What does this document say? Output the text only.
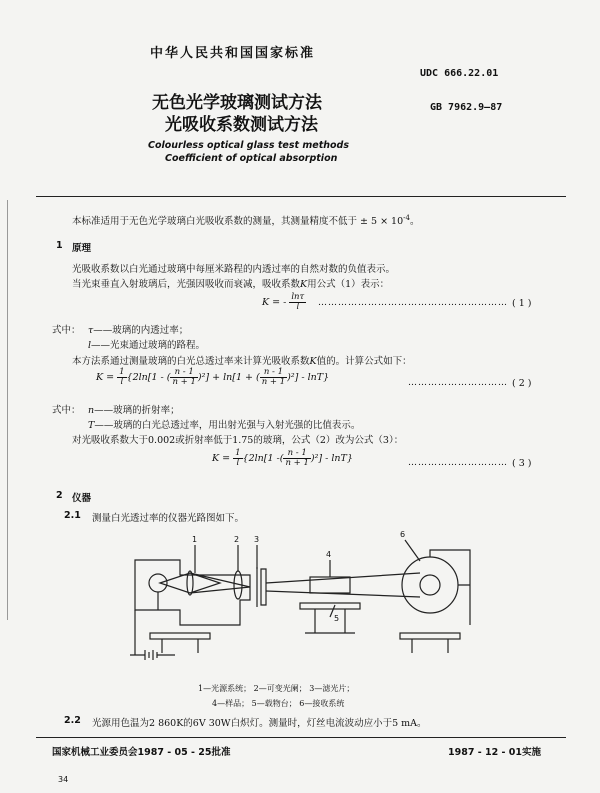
中华人民共和国国家标准
UDC 666.22.01
GB 7962.9—87
无色光学玻璃测试方法
光吸收系数测试方法
Colourless optical glass test methods
Coefficient of optical absorption
本标准适用于无色光学玻璃白光吸收系数的测量，其测量精度不低于 ± $5 \times 10^{-4}$。
1 原理
光吸收系数以白光通过玻璃中每厘米路程的内透过率的自然对数的负值表示。
当光束垂直入射玻璃后，光强因吸收而衰减，吸收系数K用公式（1）表示：
K = - $\frac{\ln\tau}{l}$ ………………………………………………… ( 1 )
式中： τ——玻璃的内透过率；
l——光束通过玻璃的路程。
本方法系通过测量玻璃的白光总透过率来计算光吸收系数K值的。计算公式如下：
$K = \frac{1}{l} \{2\ln[1$ - ( $\frac{n - 1}{n + 1} )^2] + \ln[1$ + ( $\frac{n - 1}{n + 1} )^2] - \ln T$}	………………………… ( 2 )
式中： n——玻璃的折射率；
T——玻璃的白光总透过率，用出射光强与入射光强的比值表示。
对光吸收系数大于0.002或折射率低于1.75的玻璃，公式（2）改为公式（3）：
$K = \frac{1}{l} \{2\ln[1$ -( $\frac{n - 1}{n + 1} )^2] - \ln T$}	………………………… ( 3 )
2 仪器
2.1 测量白光透过率的仪器光路图如下。
1	2 3
4
5
6
1—光源系统； 2—可变光阑； 3—滤光片；
4—样品； 5—载物台； 6—接收系统
2.2 光源用色温为2 860K的6V 30W白炽灯。测量时，灯丝电流波动应小于5 mA。
国家机械工业委员会1987 - 05 - 25批准	1987 - 12 - 01实施
34
